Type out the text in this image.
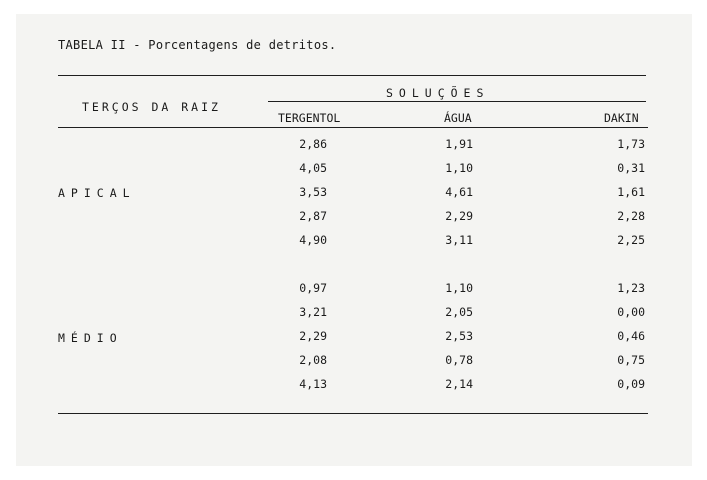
TABELA II - Porcentagens de detritos.
TERÇOS DA RAIZ
SOLUÇÕES
TERGENTOL	ÁGUA	DAKIN
APICAL
2,86	1,91	1,73
4,05	1,10	0,31
3,53	4,61	1,61
2,87	2,29	2,28
4,90	3,11	2,25
MÉDIO
0,97	1,10	1,23
3,21	2,05	0,00
2,29	2,53	0,46
2,08	0,78	0,75
4,13	2,14	0,09
